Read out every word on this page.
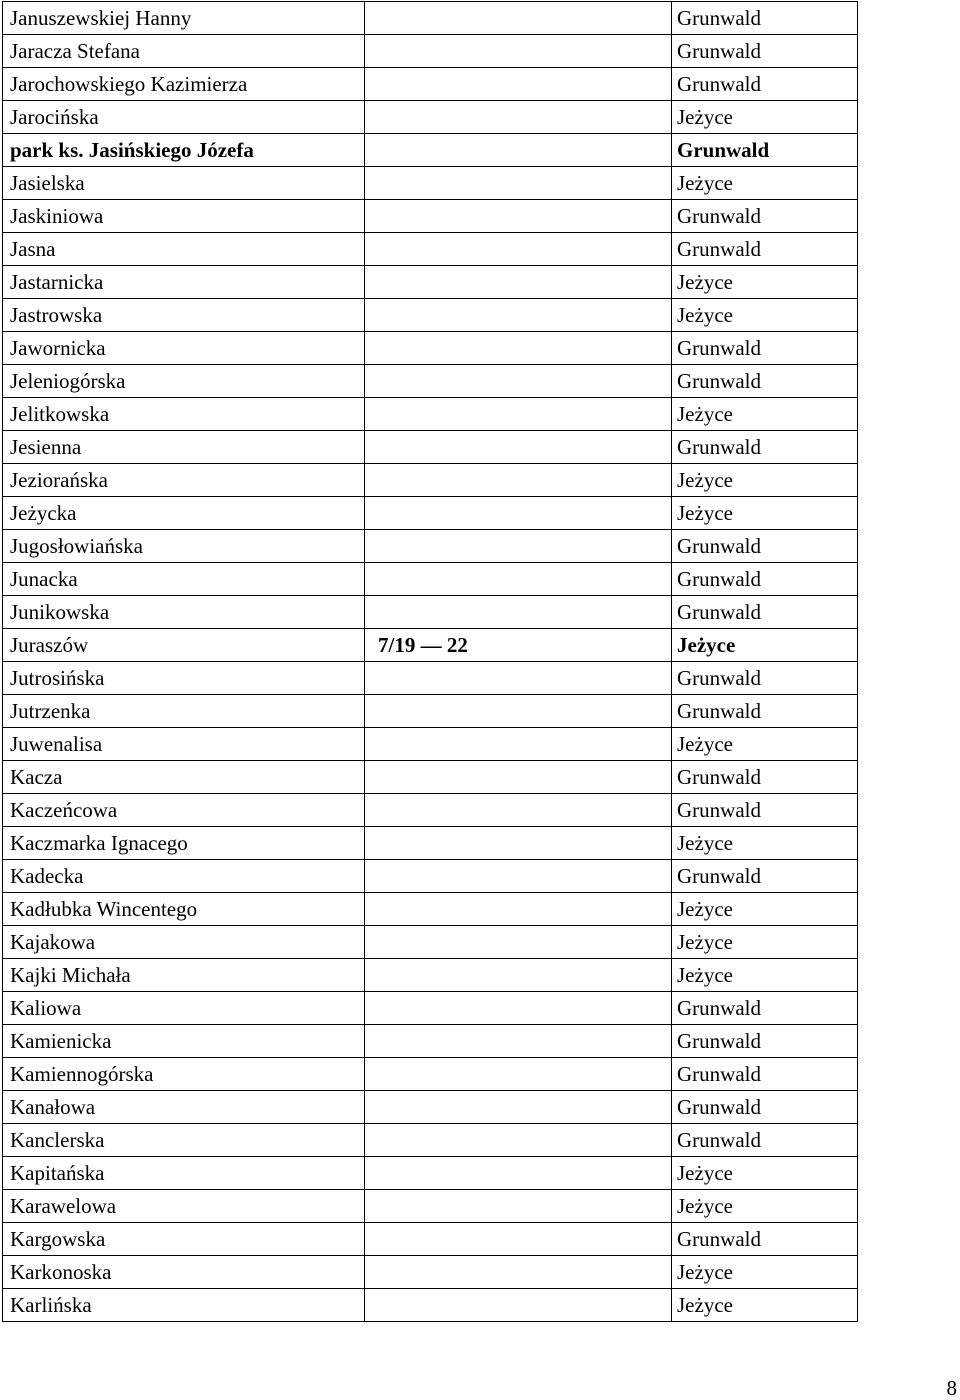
Januszewskiej Hanny		Grunwald
Jaracza Stefana		Grunwald
Jarochowskiego Kazimierza		Grunwald
Jarocińska		Jeżyce
park ks. Jasińskiego Józefa		Grunwald
Jasielska		Jeżyce
Jaskiniowa		Grunwald
Jasna		Grunwald
Jastarnicka		Jeżyce
Jastrowska		Jeżyce
Jawornicka		Grunwald
Jeleniogórska		Grunwald
Jelitkowska		Jeżyce
Jesienna		Grunwald
Jeziorańska		Jeżyce
Jeżycka		Jeżyce
Jugosłowiańska		Grunwald
Junacka		Grunwald
Junikowska		Grunwald
Juraszów	7/19 — 22	Jeżyce
Jutrosińska		Grunwald
Jutrzenka		Grunwald
Juwenalisa		Jeżyce
Kacza		Grunwald
Kaczeńcowa		Grunwald
Kaczmarka Ignacego		Jeżyce
Kadecka		Grunwald
Kadłubka Wincentego		Jeżyce
Kajakowa		Jeżyce
Kajki Michała		Jeżyce
Kaliowa		Grunwald
Kamienicka		Grunwald
Kamiennogórska		Grunwald
Kanałowa		Grunwald
Kanclerska		Grunwald
Kapitańska		Jeżyce
Karawelowa		Jeżyce
Kargowska		Grunwald
Karkonoska		Jeżyce
Karlińska		Jeżyce
8
